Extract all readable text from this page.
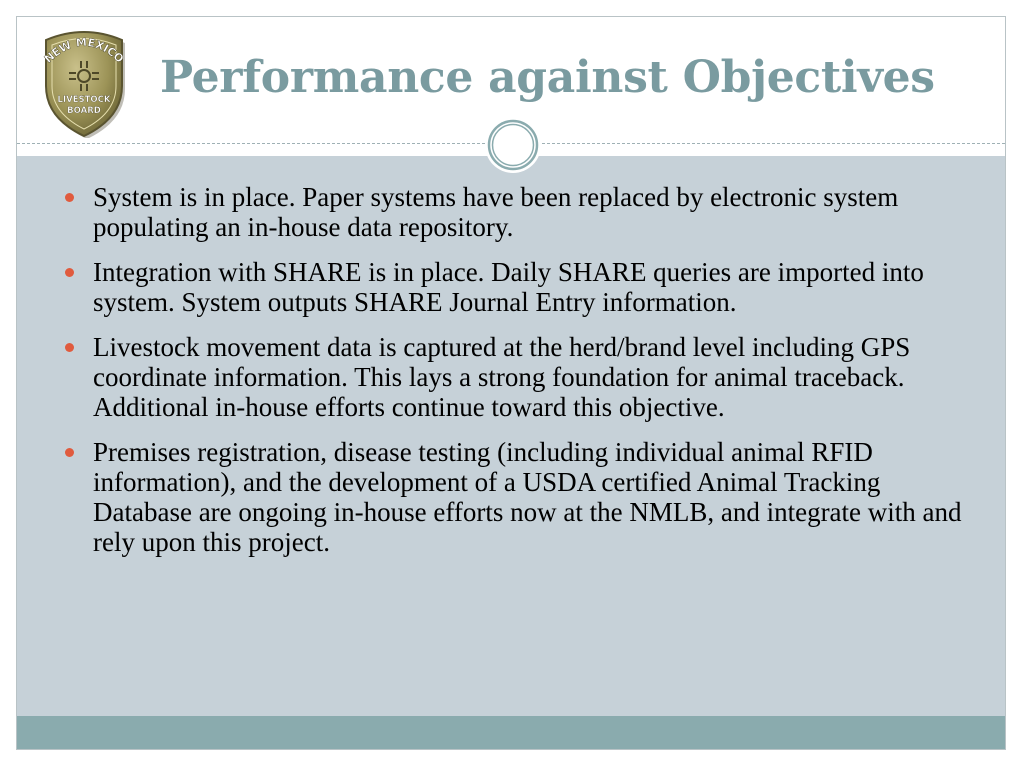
NEW MEXICO
LIVESTOCK
BOARD
Performance against Objectives
System is in place. Paper systems have been replaced by electronic system populating an in-house data repository.
Integration with SHARE is in place. Daily SHARE queries are imported into system. System outputs SHARE Journal Entry information.
Livestock movement data is captured at the herd/brand level including GPS coordinate information. This lays a strong foundation for animal traceback. Additional in-house efforts continue toward this objective.
Premises registration, disease testing (including individual animal RFID information), and the development of a USDA certified Animal Tracking Database are ongoing in-house efforts now at the NMLB, and integrate with and rely upon this project.
